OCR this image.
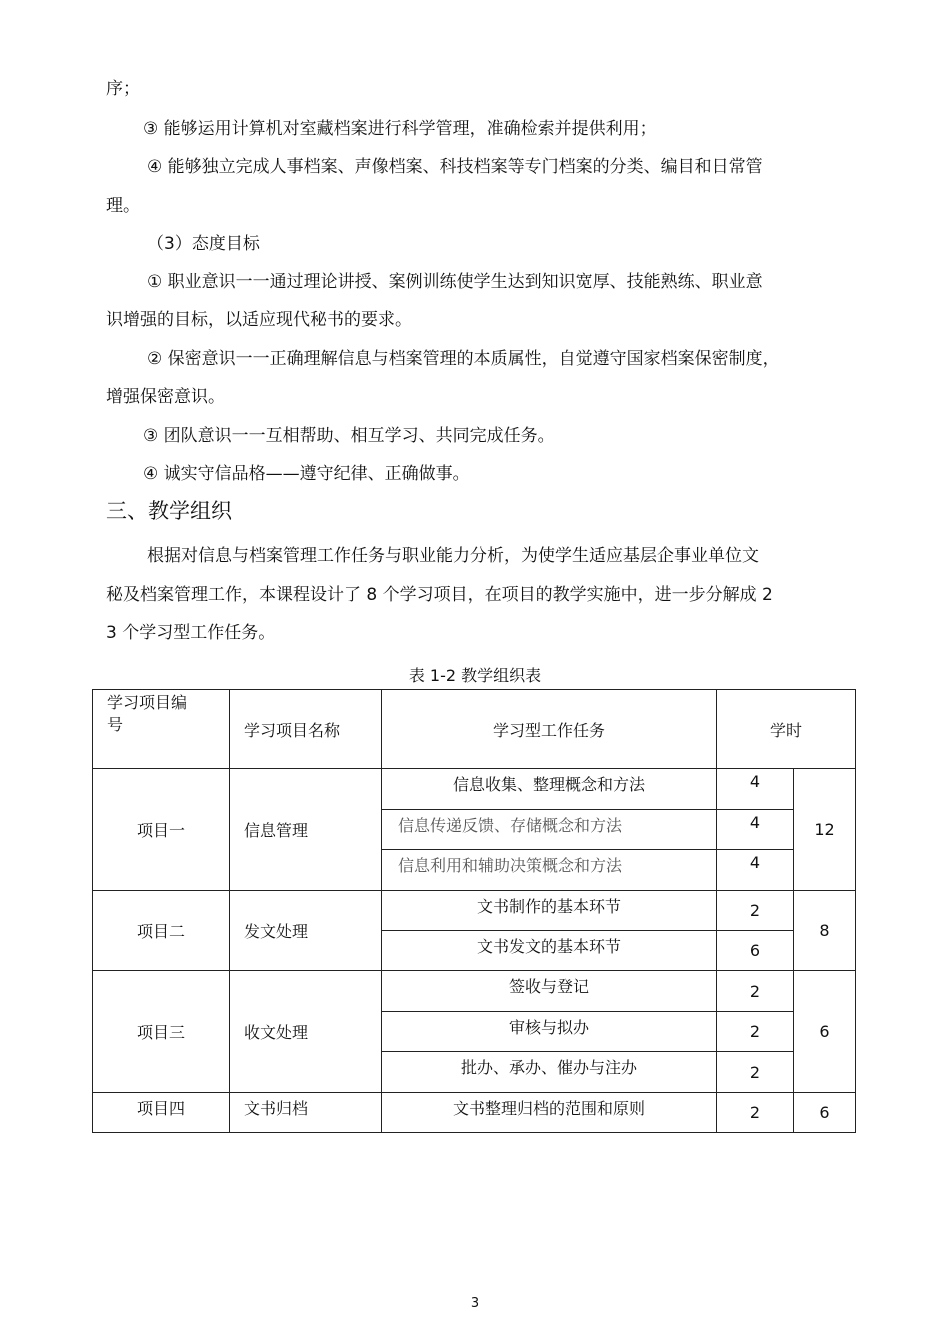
序；
③ 能够运用计算机对室藏档案进行科学管理，准确检索并提供利用；
④ 能够独立完成人事档案、声像档案、科技档案等专门档案的分类、编目和日常管
理。
（3）态度目标
① 职业意识一一通过理论讲授、案例训练使学生达到知识宽厚、技能熟练、职业意
识增强的目标，以适应现代秘书的要求。
② 保密意识一一正确理解信息与档案管理的本质属性，自觉遵守国家档案保密制度，
增强保密意识。
③ 团队意识一一互相帮助、相互学习、共同完成任务。
④ 诚实守信品格——遵守纪律、正确做事。
三、教学组织
根据对信息与档案管理工作任务与职业能力分析，为使学生适应基层企事业单位文
秘及档案管理工作，本课程设计了 8 个学习项目，在项目的教学实施中，进一步分解成 2
3 个学习型工作任务。
表 1-2 教学组织表
学习项目编
号	学习项目名称	学习型工作任务	学时	
项目一	信息管理	信息收集、整理概念和方法	4	12
		信息传递反馈、存储概念和方法	4	
		信息利用和辅助决策概念和方法	4	
项目二	发文处理	文书制作的基本环节	2	8
		文书发文的基本环节	6	
项目三	收文处理	签收与登记	2	6
		审核与拟办	2	
		批办、承办、催办与注办	2	
项目四	文书归档	文书整理归档的范围和原则	2	6
3
